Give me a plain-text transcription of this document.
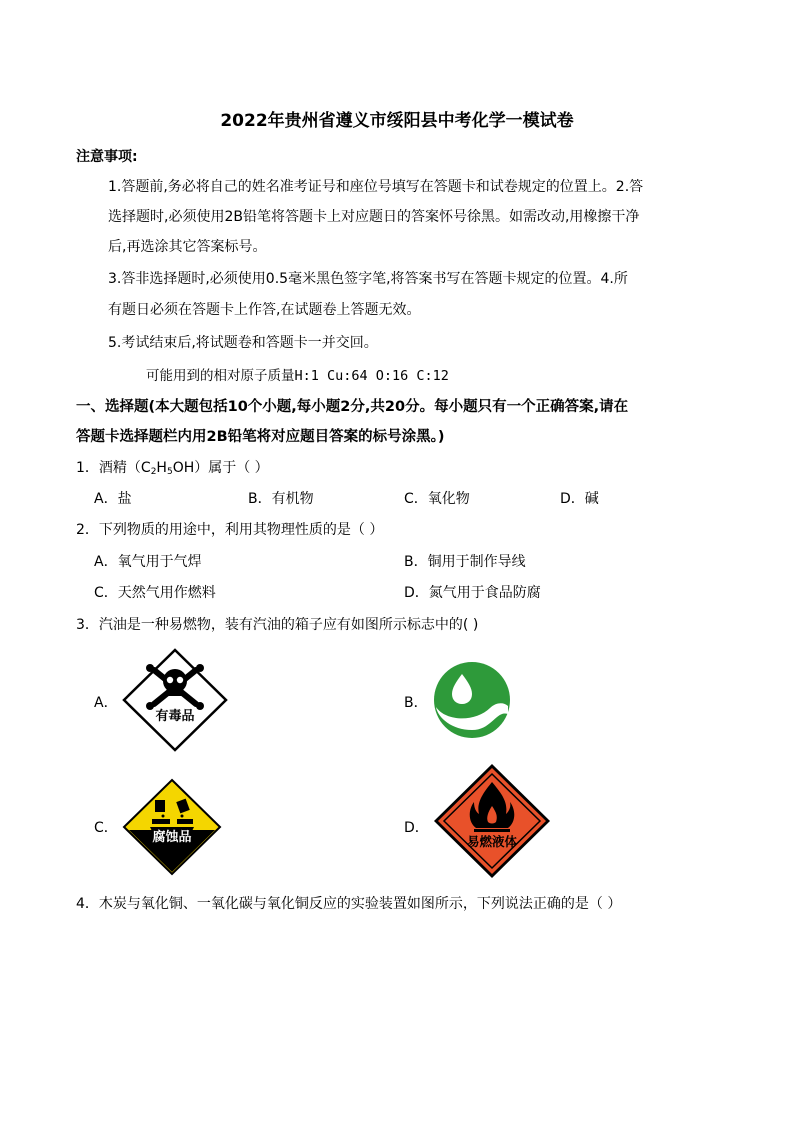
2022年贵州省遵义市绥阳县中考化学一模试卷
注意事项:
1.答题前,务必将自己的姓名准考证号和座位号填写在答题卡和试卷规定的位置上。2.答
选择题时,必须使用2B铅笔将答题卡上对应题日的答案怀号徐黑。如需改动,用橡擦干净
后,再选涂其它答案标号。
3.答非选择题时,必须使用0.5毫米黑色签字笔,将答案书写在答题卡规定的位置。4.所
有题日必须在答题卡上作答,在试题卷上答题无效。
5.考试结束后,将试题卷和答题卡一并交回。
可能用到的相对原子质量H:1 Cu:64 O:16 C:12
一、选择题(本大题包括10个小题,每小题2分,共20分。每小题只有一个正确答案,请在
答题卡选择题栏内用2B铅笔将对应题目答案的标号涂黑。)
1．酒精$(C_2H_5OH)$属于（ ）
A．盐	B．有机物	C．氧化物	D．碱
2．下列物质的用途中，利用其物理性质的是（ ）
A．氧气用于气焊	B．铜用于制作导线
C．天然气用作燃料	D．氮气用于食品防腐
3．汽油是一种易燃物，装有汽油的箱子应有如图所示标志中的( )
A．	B．
C．	D．
有毒品
腐蚀品	易燃液体
4．木炭与氧化铜、一氧化碳与氧化铜反应的实验装置如图所示，下列说法正确的是（ ）
